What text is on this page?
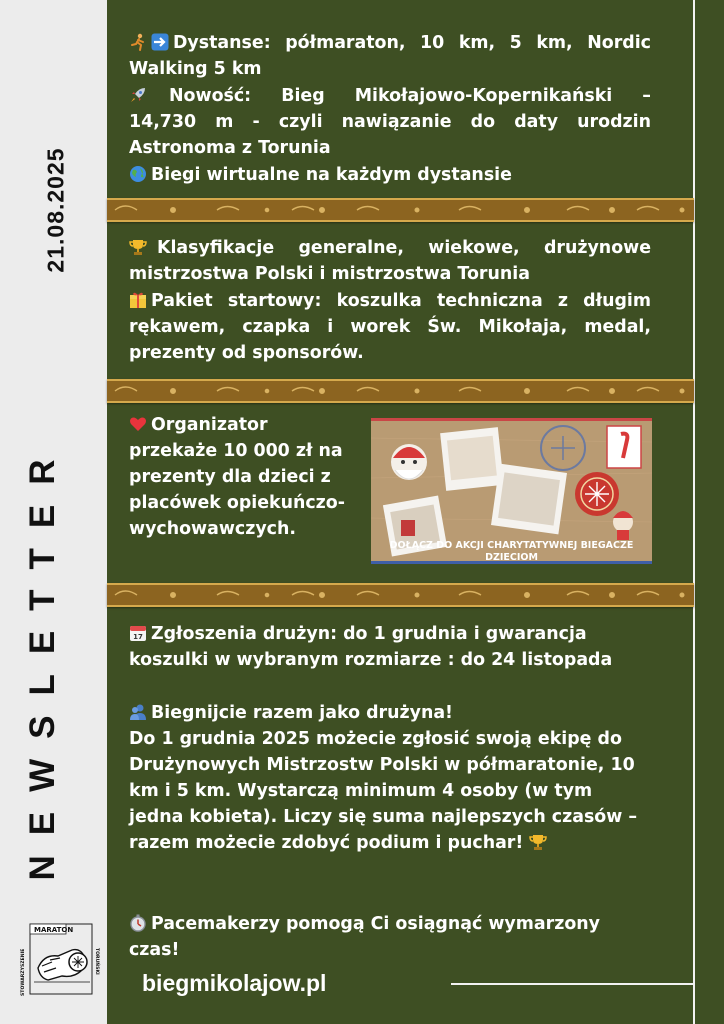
21.08.2025
NEWSLETTER
MARATON
STOWARZYSZENIE	TORUŃSKI
Dystanse: półmaraton, 10 km, 5 km, Nordic Walking 5 km
Nowość: Bieg Mikołajowo-Kopernikański – 14,730 m - czyli nawiązanie do daty urodzin Astronoma z Torunia
Biegi wirtualne na każdym dystansie
Klasyfikacje generalne, wiekowe, drużynowe mistrzostwa Polski i mistrzostwa Torunia
Pakiet startowy: koszulka techniczna z długim rękawem, czapka i worek Św. Mikołaja, medal, prezenty od sponsorów.
Organizator przekaże 10 000 zł na prezenty dla dzieci z placówek opiekuńczo-wychowawczych.
DOŁĄCZ DO AKCJI CHARYTATYWNEJ BIEGACZE
DZIECIOM
17 Zgłoszenia drużyn: do 1 grudnia i gwarancja koszulki w wybranym rozmiarze : do 24 listopada
Biegnijcie razem jako drużyna!
Do 1 grudnia 2025 możecie zgłosić swoją ekipę do Drużynowych Mistrzostw Polski w półmaratonie, 10 km i 5 km. Wystarczą minimum 4 osoby (w tym jedna kobieta). Liczy się suma najlepszych czasów – razem możecie zdobyć podium i puchar!
Pacemakerzy pomogą Ci osiągnąć wymarzony czas!
biegmikolajow.pl
